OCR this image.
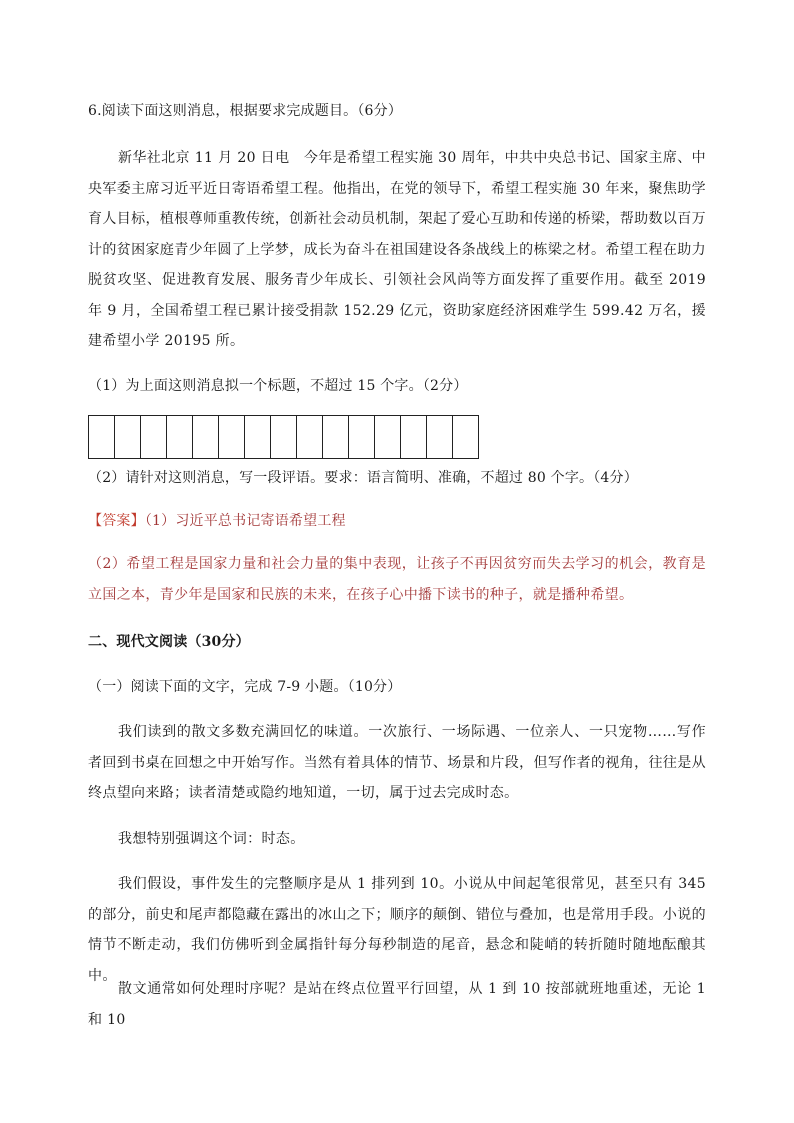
6.阅读下面这则消息，根据要求完成题目。（6分）

新华社北京 11 月 20 日电　今年是希望工程实施 30 周年，中共中央总书记、国家主席、中央军委主席习近平近日寄语希望工程。他指出，在党的领导下，希望工程实施 30 年来，聚焦助学育人目标，植根尊师重教传统，创新社会动员机制，架起了爱心互助和传递的桥梁，帮助数以百万计的贫困家庭青少年圆了上学梦，成长为奋斗在祖国建设各条战线上的栋梁之材。希望工程在助力脱贫攻坚、促进教育发展、服务青少年成长、引领社会风尚等方面发挥了重要作用。截至 2019 年 9 月，全国希望工程已累计接受捐款 152.29 亿元，资助家庭经济困难学生 599.42 万名，援建希望小学 20195 所。

（1）为上面这则消息拟一个标题，不超过 15 个字。（2分）
（2）请针对这则消息，写一段评语。要求：语言简明、准确，不超过 80 个字。（4分）
【答案】（1）习近平总书记寄语希望工程

（2）希望工程是国家力量和社会力量的集中表现，让孩子不再因贫穷而失去学习的机会，教育是立国之本，青少年是国家和民族的未来，在孩子心中播下读书的种子，就是播种希望。

二、现代文阅读（30分）
（一）阅读下面的文字，完成 7-9 小题。（10分）

我们读到的散文多数充满回忆的味道。一次旅行、一场际遇、一位亲人、一只宠物……写作者回到书桌在回想之中开始写作。当然有着具体的情节、场景和片段，但写作者的视角，往往是从终点望向来路；读者清楚或隐约地知道，一切，属于过去完成时态。

我想特别强调这个词：时态。

我们假设，事件发生的完整顺序是从 1 排列到 10。小说从中间起笔很常见，甚至只有 345 的部分，前史和尾声都隐藏在露出的冰山之下；顺序的颠倒、错位与叠加，也是常用手段。小说的情节不断走动，我们仿佛听到金属指针每分每秒制造的尾音，悬念和陡峭的转折随时随地酝酿其中。

散文通常如何处理时序呢？是站在终点位置平行回望，从 1 到 10 按部就班地重述，无论 1 和 10
